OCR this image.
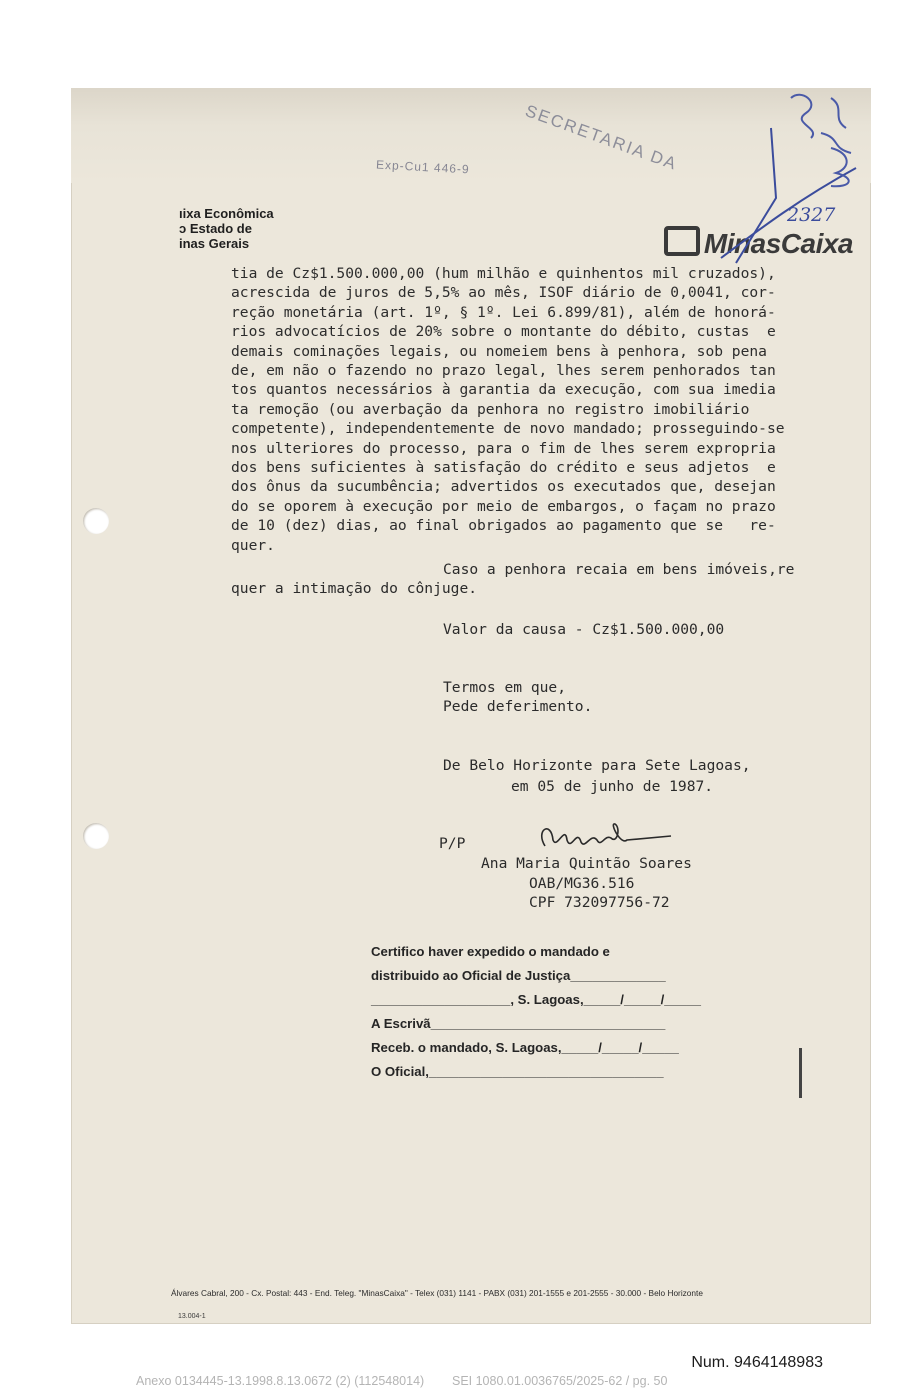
Exp-Cu1 446-9	SECRETARIA DA
ıixa Econômica
ɔ Estado de
inas Gerais	MinasCaixa
2327
tia de Cz$1.500.000,00 (hum milhão e quinhentos mil cruzados),
acrescida de juros de 5,5% ao mês, ISOF diário de 0,0041, cor-
reção monetária (art. 1º, § 1º. Lei 6.899/81), além de honorá-
rios advocatícios de 20% sobre o montante do débito, custas  e
demais cominações legais, ou nomeiem bens à penhora, sob pena
de, em não o fazendo no prazo legal, lhes serem penhorados tan
tos quantos necessários à garantia da execução, com sua imedia
ta remoção (ou averbação da penhora no registro imobiliário
competente), independentemente de novo mandado; prosseguindo-se
nos ulteriores do processo, para o fim de lhes serem expropria
dos bens suficientes à satisfação do crédito e seus adjetos  e
dos ônus da sucumbência; advertidos os executados que, desejan
do se oporem à execução por meio de embargos, o façam no prazo
de 10 (dez) dias, ao final obrigados ao pagamento que se   re-
quer.
Caso a penhora recaia em bens imóveis,re
quer a intimação do cônjuge.
Valor da causa - Cz$1.500.000,00
Termos em que,
Pede deferimento.
De Belo Horizonte para Sete Lagoas,
em 05 de junho de 1987.
P/P
Ana Maria Quintão Soares
OAB/MG36.516
CPF 732097756-72
Certifico haver expedido o mandado e
distribuido ao Oficial de Justiça_____________
___________________, S. Lagoas,_____/_____/_____
A Escrivã________________________________
Receb. o mandado, S. Lagoas,_____/_____/_____
O Oficial,________________________________
Álvares Cabral, 200 - Cx. Postal: 443 - End. Teleg. "MinasCaixa" - Telex (031) 1141 - PABX (031) 201-1555 e 201-2555 - 30.000 - Belo Horizonte
13.004-1
Num. 9464148983
Anexo 0134445-13.1998.8.13.0672 (2) (112548014)        SEI 1080.01.0036765/2025-62 / pg. 50
